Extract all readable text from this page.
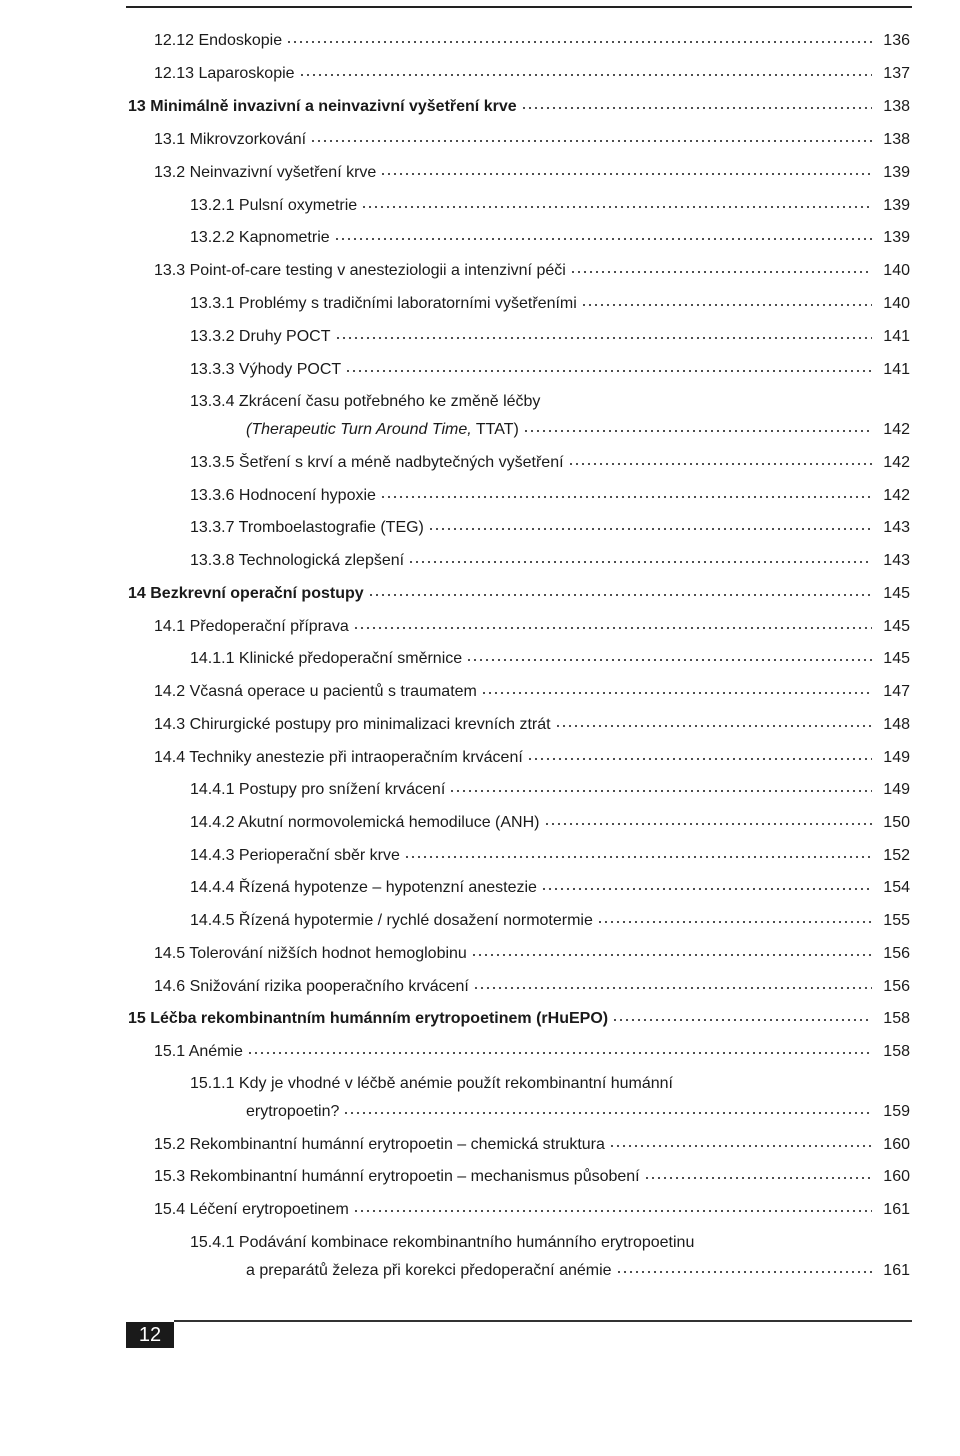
12.12 Endoskopie	136
12.13 Laparoskopie	137
13 Minimálně invazivní a neinvazivní vyšetření krve	138
13.1 Mikrovzorkování	138
13.2 Neinvazivní vyšetření krve	139
13.2.1 Pulsní oxymetrie	139
13.2.2 Kapnometrie	139
13.3 Point-of-care testing v anesteziologii a intenzivní péči	140
13.3.1 Problémy s tradičními laboratorními vyšetřeními	140
13.3.2 Druhy POCT	141
13.3.3 Výhody POCT	141
13.3.4 Zkrácení času potřebného ke změně léčby
(Therapeutic Turn Around Time, TTAT)	142
13.3.5 Šetření s krví a méně nadbytečných vyšetření	142
13.3.6 Hodnocení hypoxie	142
13.3.7 Tromboelastografie (TEG)	143
13.3.8 Technologická zlepšení	143
14 Bezkrevní operační postupy	145
14.1 Předoperační příprava	145
14.1.1 Klinické předoperační směrnice	145
14.2 Včasná operace u pacientů s traumatem	147
14.3 Chirurgické postupy pro minimalizaci krevních ztrát	148
14.4 Techniky anestezie při intraoperačním krvácení	149
14.4.1 Postupy pro snížení krvácení	149
14.4.2 Akutní normovolemická hemodiluce (ANH)	150
14.4.3 Perioperační sběr krve	152
14.4.4 Řízená hypotenze – hypotenzní anestezie	154
14.4.5 Řízená hypotermie / rychlé dosažení normotermie	155
14.5 Tolerování nižších hodnot hemoglobinu	156
14.6 Snižování rizika pooperačního krvácení	156
15 Léčba rekombinantním humánním erytropoetinem (rHuEPO)	158
15.1 Anémie	158
15.1.1 Kdy je vhodné v léčbě anémie použít rekombinantní humánní
erytropoetin?	159
15.2 Rekombinantní humánní erytropoetin – chemická struktura	160
15.3 Rekombinantní humánní erytropoetin – mechanismus působení	160
15.4 Léčení erytropoetinem	161
15.4.1 Podávání kombinace rekombinantního humánního erytropoetinu
a preparátů železa při korekci předoperační anémie	161
12
